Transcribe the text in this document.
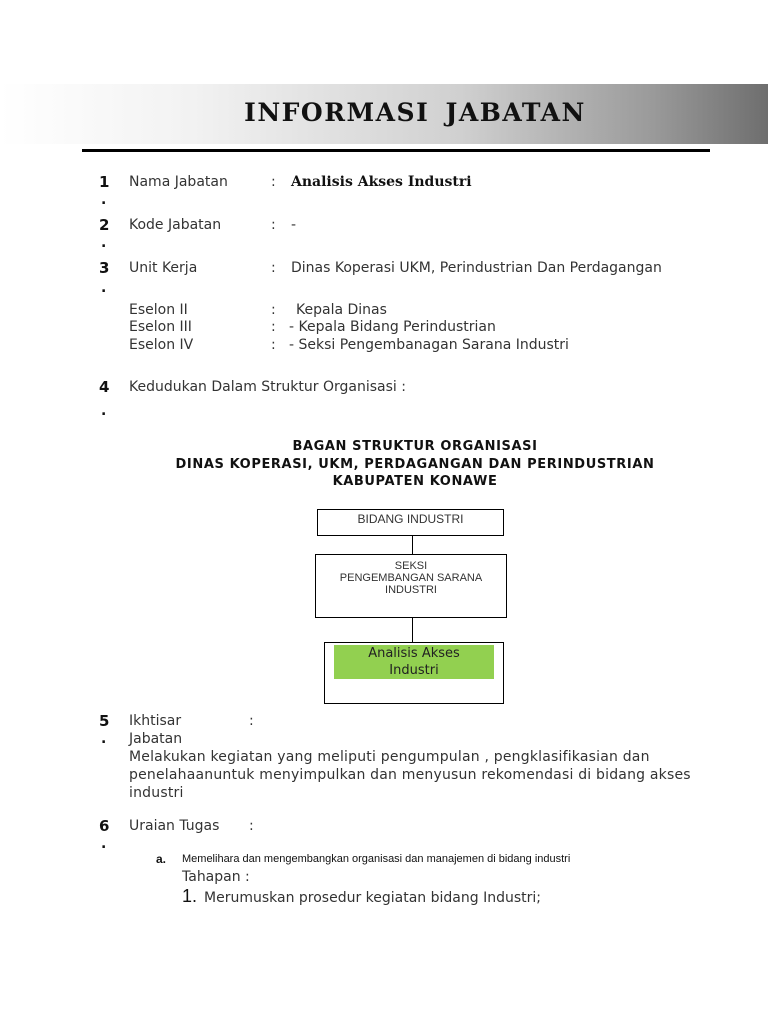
INFORMASI JABATAN
1
.
Nama Jabatan	: Analisis Akses Industri
2
.
Kode Jabatan	: -
3
.
Unit Kerja	: Dinas Koperasi UKM, Perindustrian Dan Perdagangan
Eselon II	: Kepala Dinas
Eselon III	: - Kepala Bidang Perindustrian
Eselon IV	: - Seksi Pengembanagan Sarana Industri
4
.
Kedudukan Dalam Struktur Organisasi :
BAGAN STRUKTUR ORGANISASI
DINAS KOPERASI, UKM, PERDAGANGAN DAN PERINDUSTRIAN
KABUPATEN KONAWE
BIDANG INDUSTRI
SEKSI
PENGEMBANGAN SARANA
INDUSTRI
Analisis Akses
Industri
5
.
Ikhtisar	:
Jabatan
Melakukan kegiatan yang meliputi pengumpulan , pengklasifikasian dan penelahaanuntuk menyimpulkan dan menyusun rekomendasi di bidang akses industri
6
.
Uraian Tugas :
a. Memelihara dan mengembangkan organisasi dan manajemen di bidang industri
Tahapan :
1. Merumuskan prosedur kegiatan bidang Industri;
